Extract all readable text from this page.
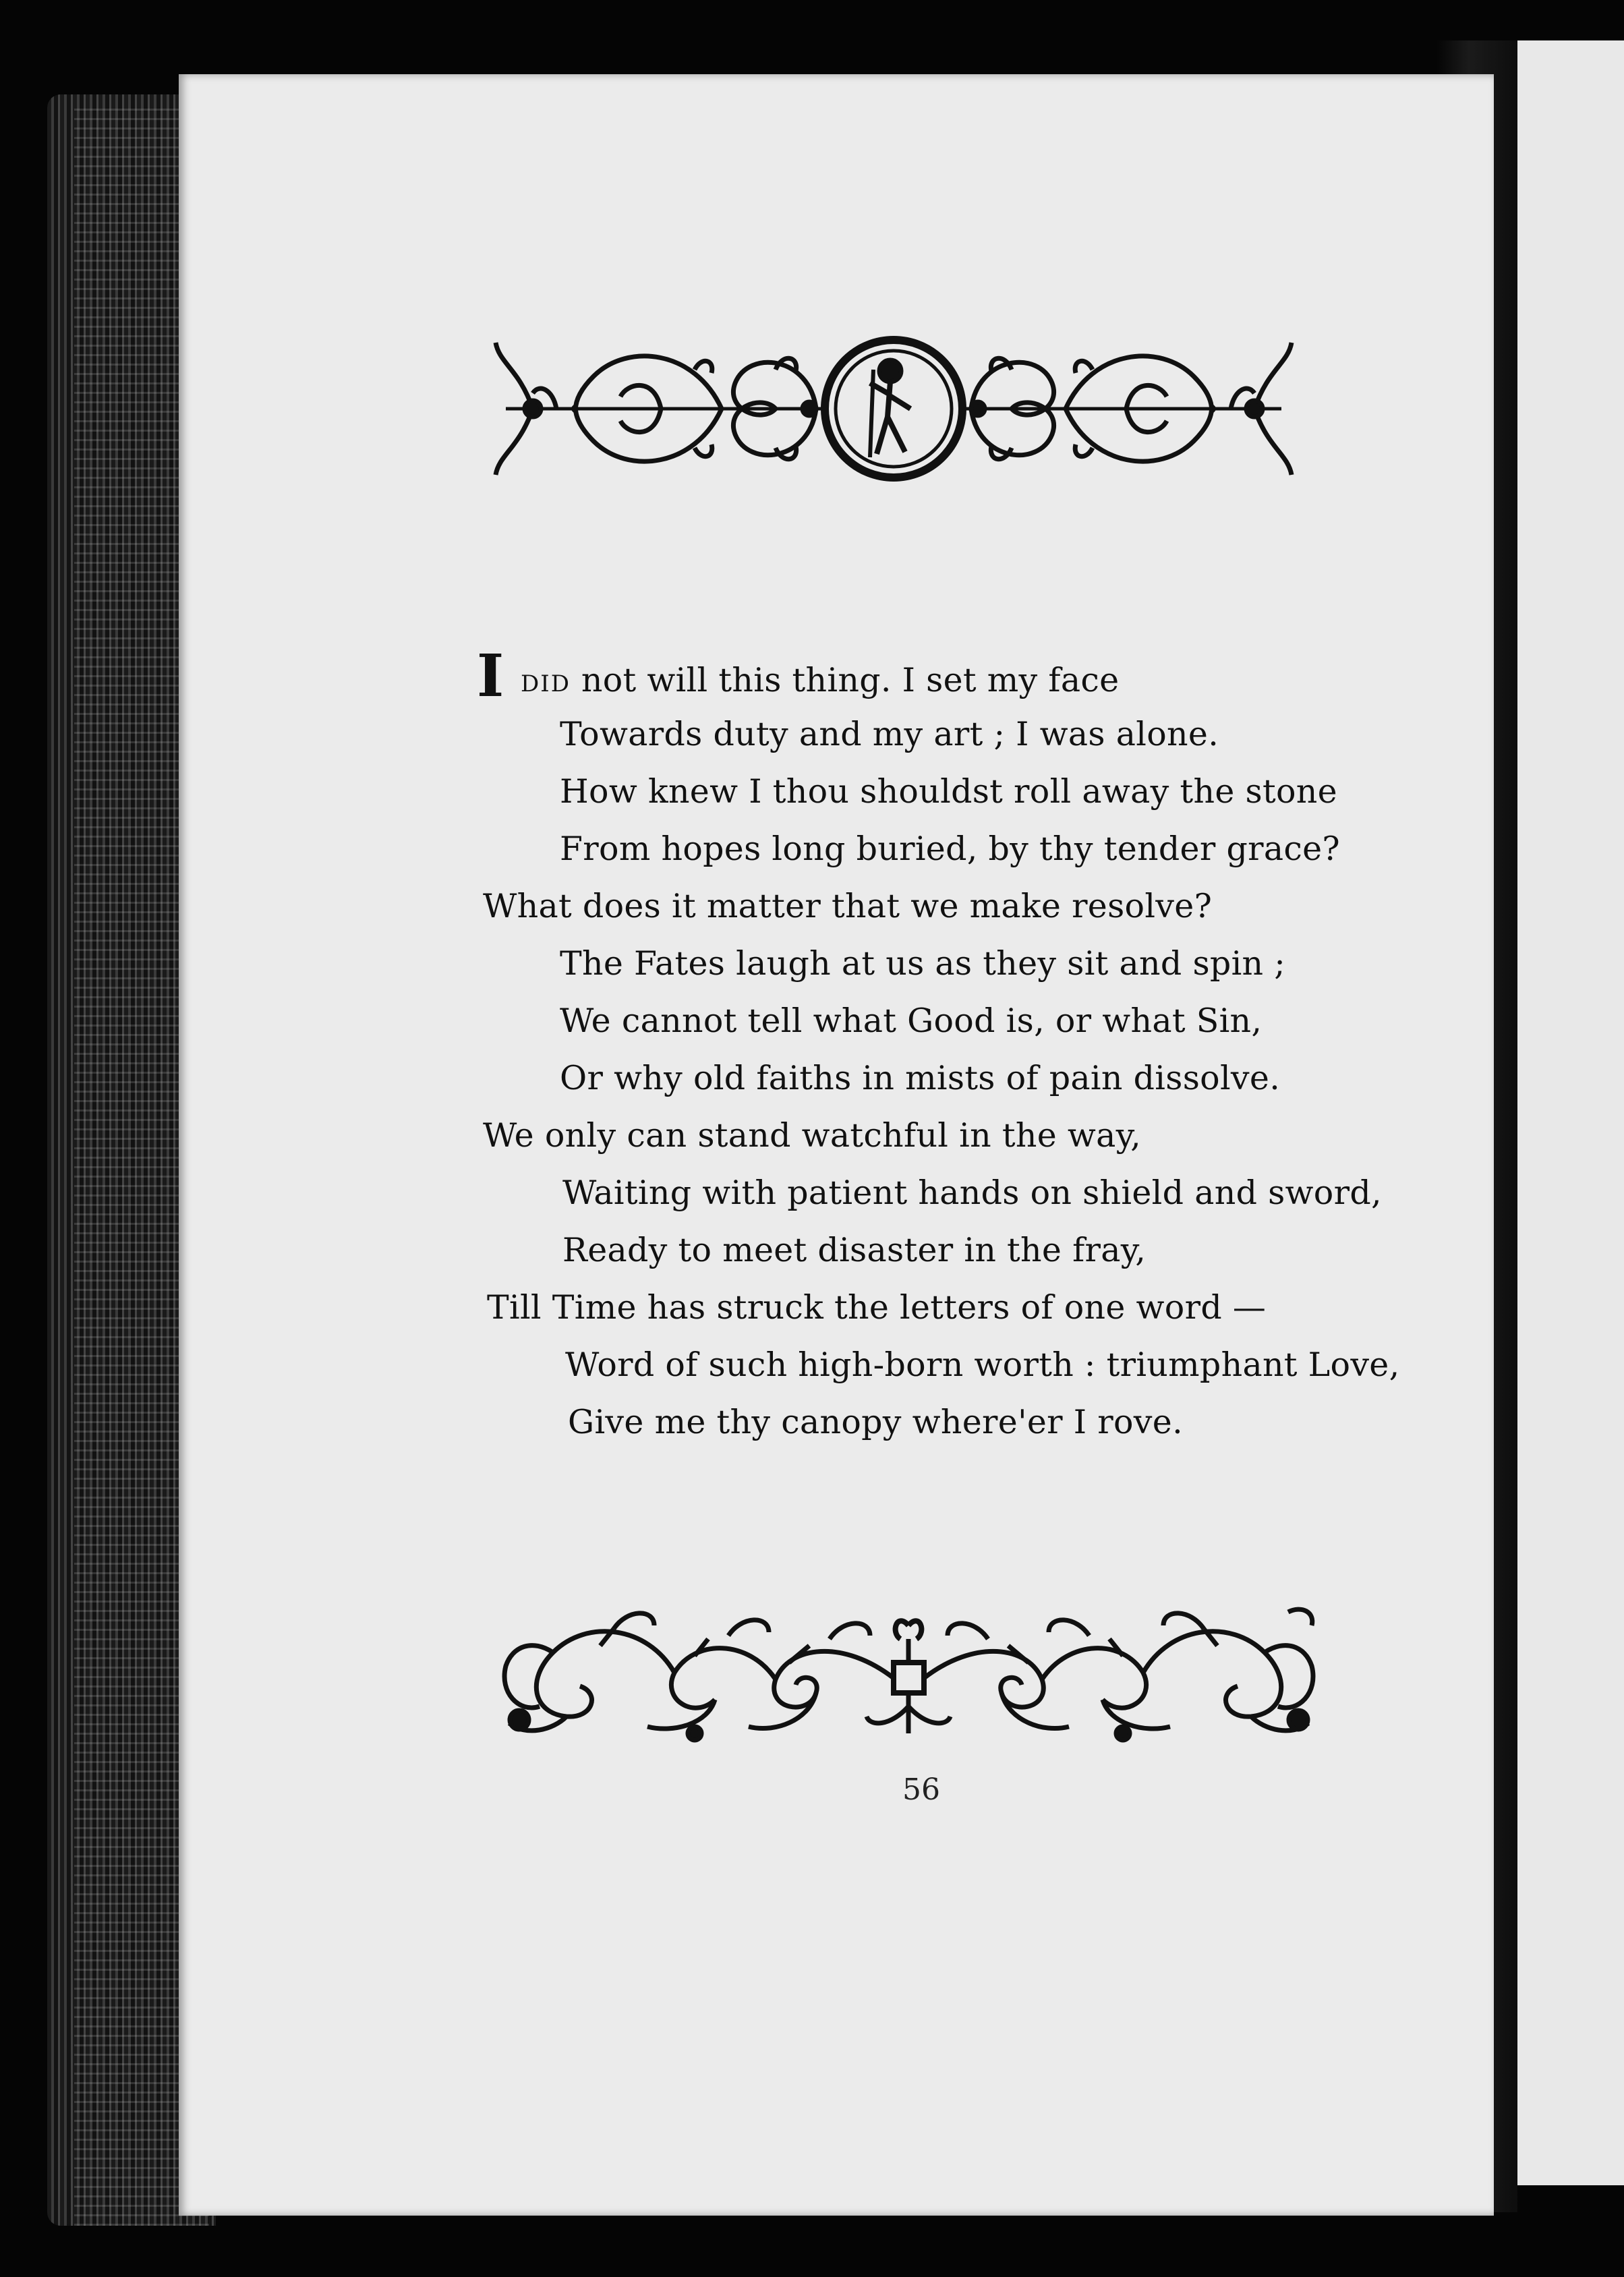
I DID not will this thing. I set my face
Towards duty and my art ; I was alone.
How knew I thou shouldst roll away the stone
From hopes long buried, by thy tender grace?
What does it matter that we make resolve?
The Fates laugh at us as they sit and spin ;
We cannot tell what Good is, or what Sin,
Or why old faiths in mists of pain dissolve.
We only can stand watchful in the way,
Waiting with patient hands on shield and sword,
Ready to meet disaster in the fray,
Till Time has struck the letters of one word —
Word of such high-born worth : triumphant Love,
Give me thy canopy where'er I rove.
56
